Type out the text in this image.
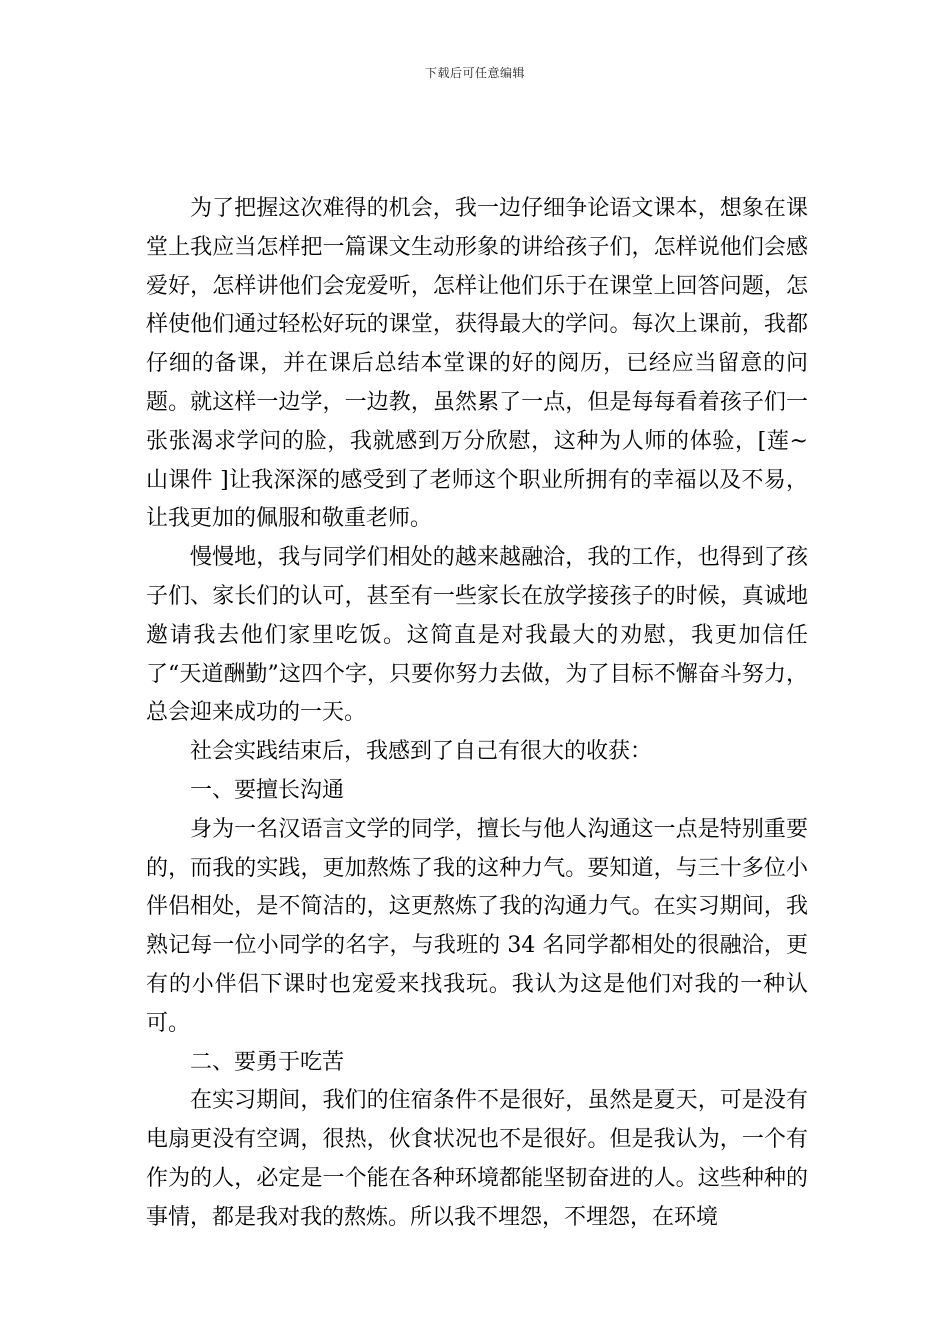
下载后可任意编辑

为了把握这次难得的机会，我一边仔细争论语文课本，想象在课堂上我应当怎样把一篇课文生动形象的讲给孩子们，怎样说他们会感爱好，怎样讲他们会宠爱听，怎样让他们乐于在课堂上回答问题，怎样使他们通过轻松好玩的课堂，获得最大的学问。每次上课前，我都仔细的备课，并在课后总结本堂课的好的阅历，已经应当留意的问题。就这样一边学，一边教，虽然累了一点，但是每每看着孩子们一张张渴求学问的脸，我就感到万分欣慰，这种为人师的体验，[莲~山课件 ]让我深深的感受到了老师这个职业所拥有的幸福以及不易，让我更加的佩服和敬重老师。

慢慢地，我与同学们相处的越来越融洽，我的工作，也得到了孩子们、家长们的认可，甚至有一些家长在放学接孩子的时候，真诚地邀请我去他们家里吃饭。这简直是对我最大的劝慰，我更加信任了“天道酬勤”这四个字，只要你努力去做，为了目标不懈奋斗努力，总会迎来成功的一天。

社会实践结束后，我感到了自己有很大的收获：

一、要擅长沟通

身为一名汉语言文学的同学，擅长与他人沟通这一点是特别重要的，而我的实践，更加熬炼了我的这种力气。要知道，与三十多位小伴侣相处，是不简洁的，这更熬炼了我的沟通力气。在实习期间，我熟记每一位小同学的名字，与我班的 34 名同学都相处的很融洽，更有的小伴侣下课时也宠爱来找我玩。我认为这是他们对我的一种认可。

二、要勇于吃苦

在实习期间，我们的住宿条件不是很好，虽然是夏天，可是没有电扇更没有空调，很热，伙食状况也不是很好。但是我认为，一个有作为的人，必定是一个能在各种环境都能坚韧奋进的人。这些种种的事情，都是我对我的熬炼。所以我不埋怨，不埋怨，在环境
